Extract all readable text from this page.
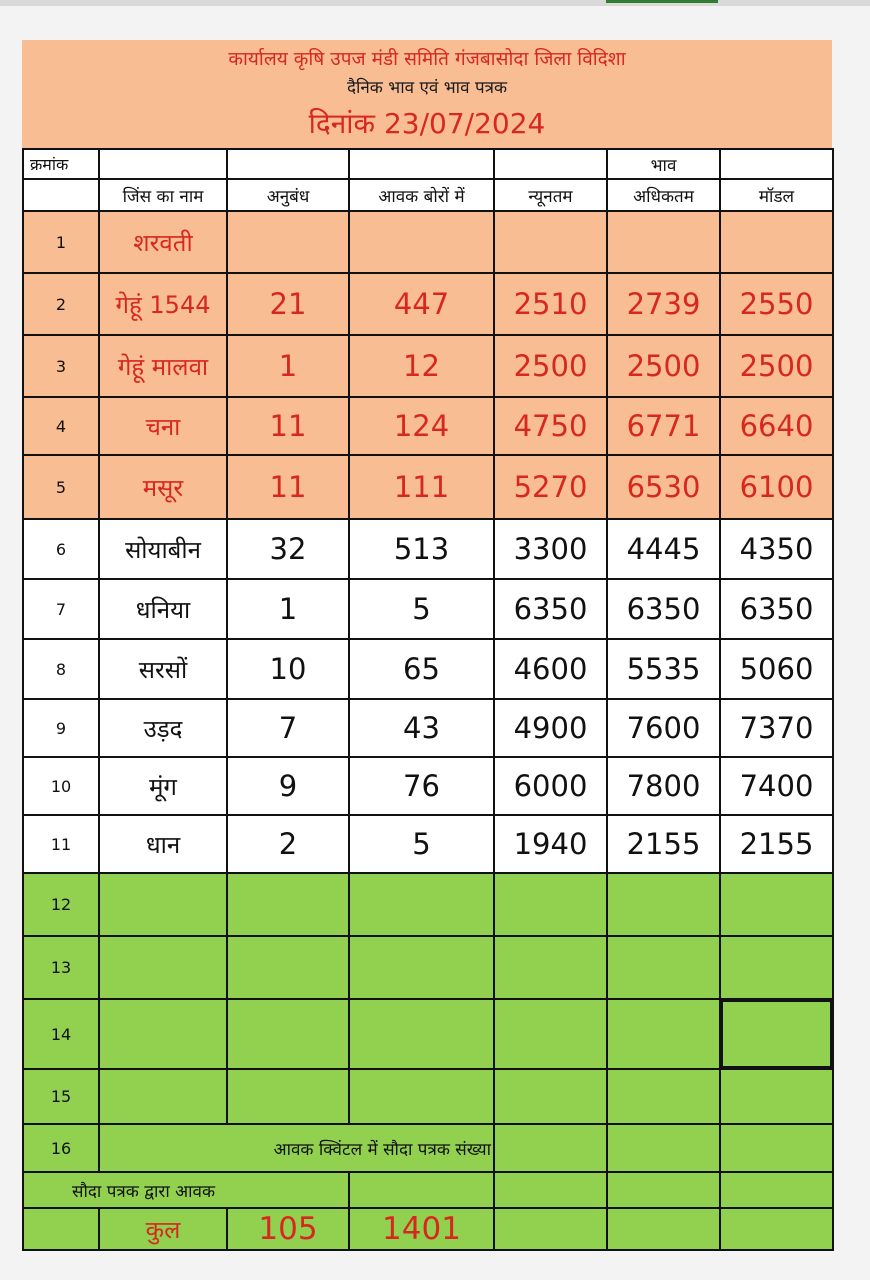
कार्यालय कृषि उपज मंडी समिति गंजबासोदा जिला विदिशा
दैनिक भाव एवं भाव पत्रक
दिनांक 23/07/2024
क्रमांक					भाव	
	जिंस का नाम	अनुबंध	आवक बोरों में	न्यूनतम	अधिकतम	मॉडल
1	शरवती					
2	गेहूं 1544	21	447	2510	2739	2550
3	गेहूं मालवा	1	12	2500	2500	2500
4	चना	11	124	4750	6771	6640
5	मसूर	11	111	5270	6530	6100
6	सोयाबीन	32	513	3300	4445	4350
7	धनिया	1	5	6350	6350	6350
8	सरसों	10	65	4600	5535	5060
9	उड़द	7	43	4900	7600	7370
10	मूंग	9	76	6000	7800	7400
11	धान	2	5	1940	2155	2155
12						
13						
14						
15						
16	आवक क्विंटल में सौदा पत्रक संख्या					
सौदा पत्रक द्वारा आवक						
	कुल	105	1401			
